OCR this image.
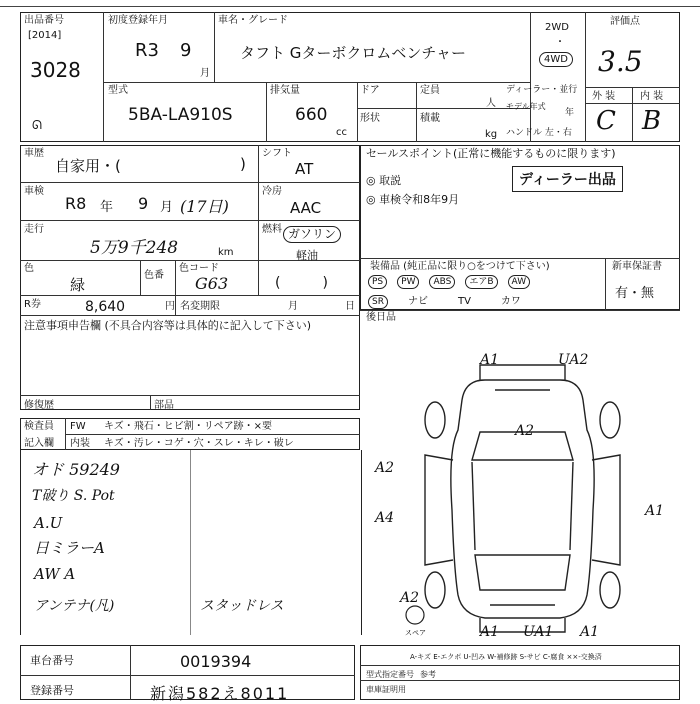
出品番号
[2014]
3028
ᘏ
初度登録年月
R3 9
月
車名・グレード
タフト Gターボクロムベンチャー
2WD
・
4WD
評価点
3.5
外 装 内 装
C B
型式
5BA-LA910S
排気量
660
cc
ドア	定員
人
形状	積載
kg
ディーラー・並行
モデル年式
年
ハンドル 左・右
車歴
自家用・(	)
シフト
AT
車検
R8 年 9 月 (17日)
冷房
AAC
走行
5万9千248	km
燃料 ガソリン
軽油
色
緑
色番
色コード
G63	(　　　)
R券	8,640	円 名変期限	月	日
注意事項申告欄 (不具合内容等は具体的に記入して下さい)
修復歴	部品
セールスポイント(正常に機能するものに限ります)
ディーラー出品
◎ 取説
◎ 車検令和8年9月
装備品 (純正品に限り○をつけて下さい)
PS PW ABS エアB AW
SR ナビ	TV	カワ
新車保証書
有・無
後日品
検査員
記入欄
FW キズ・飛石・ヒビ割・リペア跡・×要
内装 キズ・汚レ・コゲ・穴・スレ・キレ・破レ
オド 59249
T破り S. Pot
A.U
日ミラーA
AW A
アンテナ(凡)	スタッドレス
A1	UA2
A2
A2
A4	A1
A2
A1 UA1 A1
スペア
車台番号	0019394
登録番号	新潟582え8011
A-キズ E-エクボ U-凹み W-補修跡 S-サビ C-腐食 ××-交換済
型式指定番号
車庫証明用
参考
